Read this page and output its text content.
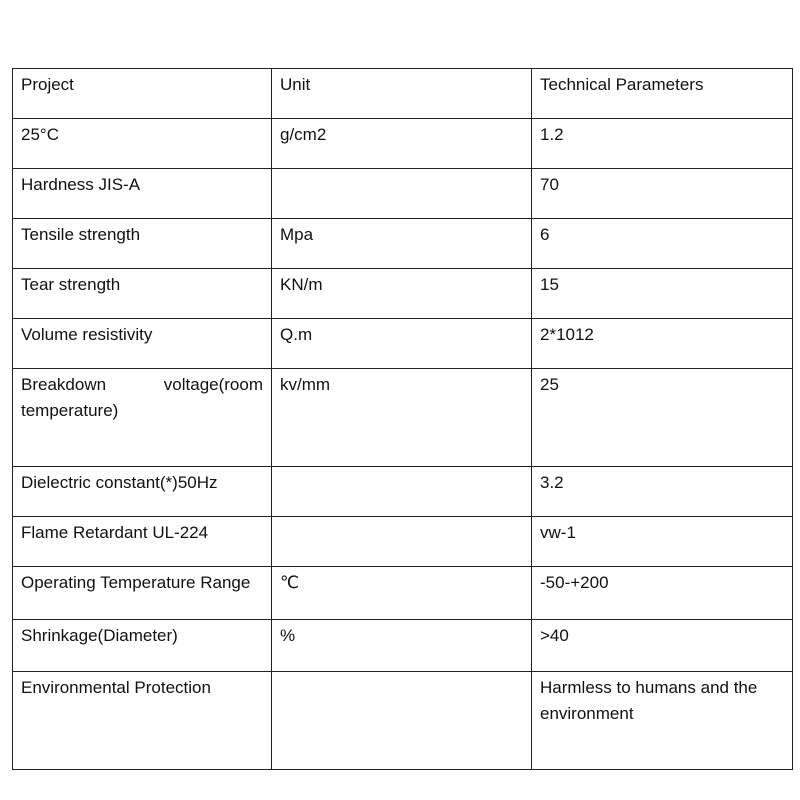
Project	Unit	Technical Parameters
25°C	g/cm2	1.2
Hardness JIS-A		70
Tensile strength	Mpa	6
Tear strength	KN/m	15
Volume resistivity	Q.m	2*1012
Breakdown voltage(room temperature)	kv/mm	25
Dielectric constant(*)50Hz		3.2
Flame Retardant UL-224		vw-1
Operating Temperature Range	℃	-50-+200
Shrinkage(Diameter)	%	>40
Environmental Protection		Harmless to humans and the environment
